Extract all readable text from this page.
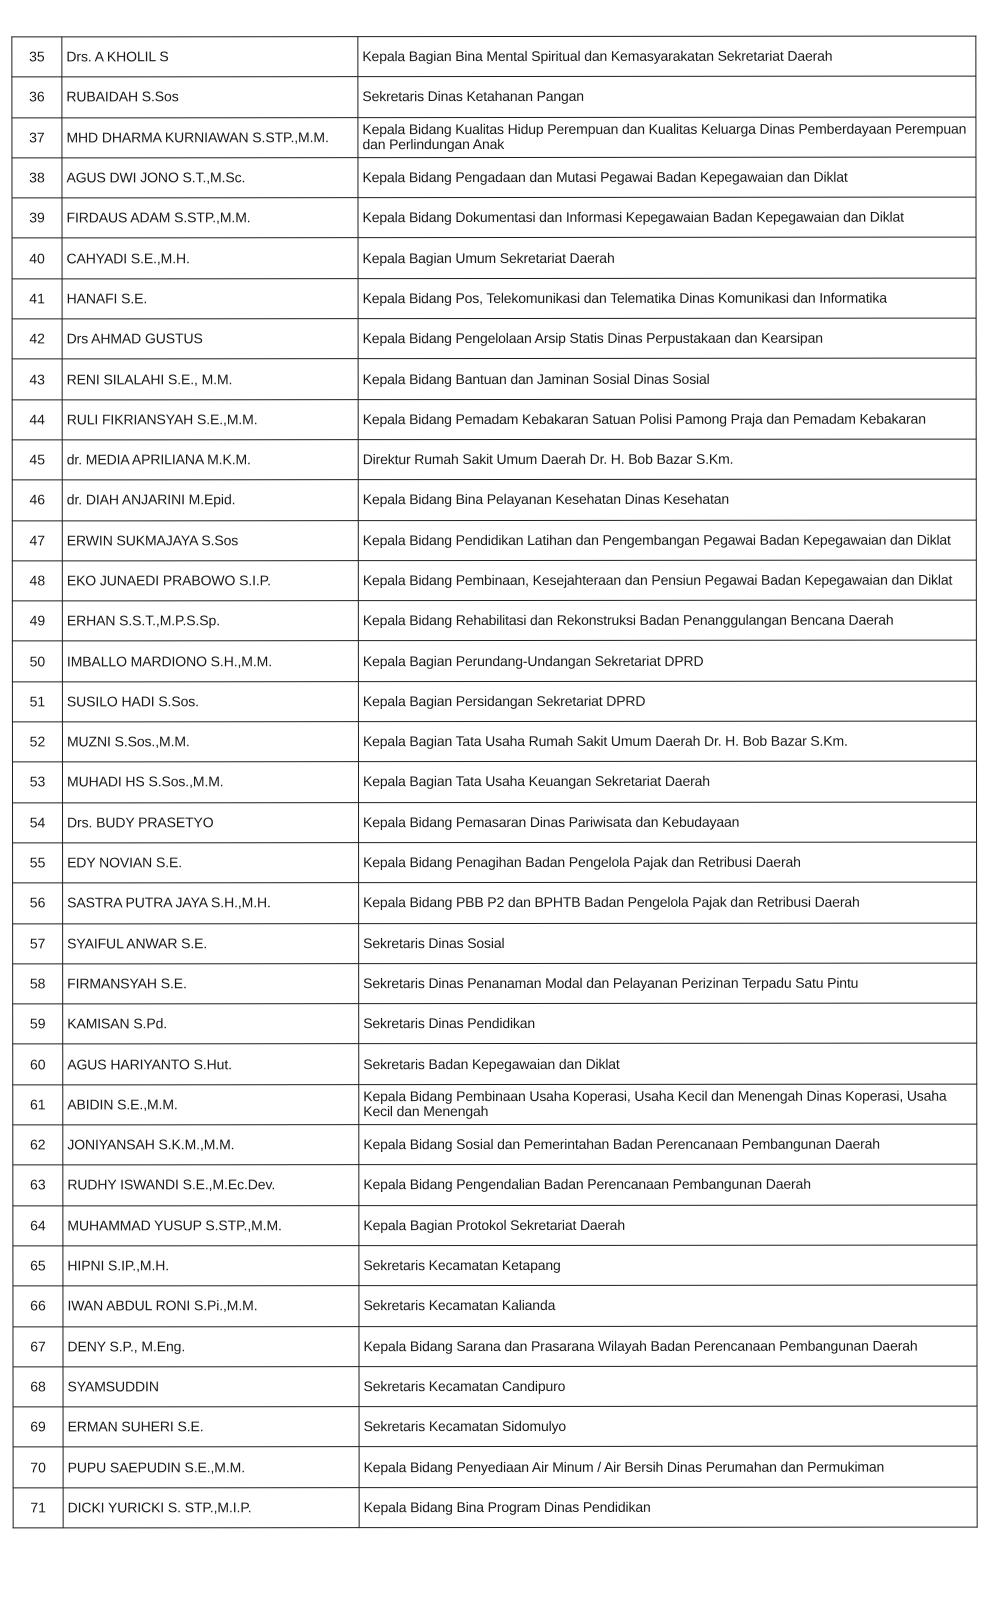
35	Drs. A KHOLIL S	Kepala Bagian Bina Mental Spiritual dan Kemasyarakatan Sekretariat Daerah
36	RUBAIDAH S.Sos	Sekretaris Dinas Ketahanan Pangan
37	MHD DHARMA KURNIAWAN S.STP.,M.M.	Kepala Bidang Kualitas Hidup Perempuan dan Kualitas Keluarga Dinas Pemberdayaan Perempuan dan Perlindungan Anak
38	AGUS DWI JONO S.T.,M.Sc.	Kepala Bidang Pengadaan dan Mutasi Pegawai Badan Kepegawaian dan Diklat
39	FIRDAUS ADAM S.STP.,M.M.	Kepala Bidang Dokumentasi dan Informasi Kepegawaian Badan Kepegawaian dan Diklat
40	CAHYADI S.E.,M.H.	Kepala Bagian Umum Sekretariat Daerah
41	HANAFI S.E.	Kepala Bidang Pos, Telekomunikasi dan Telematika Dinas Komunikasi dan Informatika
42	Drs AHMAD GUSTUS	Kepala Bidang Pengelolaan Arsip Statis Dinas Perpustakaan dan Kearsipan
43	RENI SILALAHI S.E., M.M.	Kepala Bidang Bantuan dan Jaminan Sosial Dinas Sosial
44	RULI FIKRIANSYAH S.E.,M.M.	Kepala Bidang Pemadam Kebakaran Satuan Polisi Pamong Praja dan Pemadam Kebakaran
45	dr. MEDIA APRILIANA M.K.M.	Direktur Rumah Sakit Umum Daerah Dr. H. Bob Bazar S.Km.
46	dr. DIAH ANJARINI M.Epid.	Kepala Bidang Bina Pelayanan Kesehatan Dinas Kesehatan
47	ERWIN SUKMAJAYA S.Sos	Kepala Bidang Pendidikan Latihan dan Pengembangan Pegawai Badan Kepegawaian dan Diklat
48	EKO JUNAEDI PRABOWO S.I.P.	Kepala Bidang Pembinaan, Kesejahteraan dan Pensiun Pegawai Badan Kepegawaian dan Diklat
49	ERHAN S.S.T.,M.P.S.Sp.	Kepala Bidang Rehabilitasi dan Rekonstruksi Badan Penanggulangan Bencana Daerah
50	IMBALLO MARDIONO S.H.,M.M.	Kepala Bagian Perundang-Undangan Sekretariat DPRD
51	SUSILO HADI S.Sos.	Kepala Bagian Persidangan Sekretariat DPRD
52	MUZNI S.Sos.,M.M.	Kepala Bagian Tata Usaha Rumah Sakit Umum Daerah Dr. H. Bob Bazar S.Km.
53	MUHADI HS S.Sos.,M.M.	Kepala Bagian Tata Usaha Keuangan Sekretariat Daerah
54	Drs. BUDY PRASETYO	Kepala Bidang Pemasaran Dinas Pariwisata dan Kebudayaan
55	EDY NOVIAN S.E.	Kepala Bidang Penagihan Badan Pengelola Pajak dan Retribusi Daerah
56	SASTRA PUTRA JAYA S.H.,M.H.	Kepala Bidang PBB P2 dan BPHTB Badan Pengelola Pajak dan Retribusi Daerah
57	SYAIFUL ANWAR S.E.	Sekretaris Dinas Sosial
58	FIRMANSYAH S.E.	Sekretaris Dinas Penanaman Modal dan Pelayanan Perizinan Terpadu Satu Pintu
59	KAMISAN S.Pd.	Sekretaris Dinas Pendidikan
60	AGUS HARIYANTO S.Hut.	Sekretaris Badan Kepegawaian dan Diklat
61	ABIDIN S.E.,M.M.	Kepala Bidang Pembinaan Usaha Koperasi, Usaha Kecil dan Menengah Dinas Koperasi, Usaha Kecil dan Menengah
62	JONIYANSAH S.K.M.,M.M.	Kepala Bidang Sosial dan Pemerintahan Badan Perencanaan Pembangunan Daerah
63	RUDHY ISWANDI S.E.,M.Ec.Dev.	Kepala Bidang Pengendalian Badan Perencanaan Pembangunan Daerah
64	MUHAMMAD YUSUP S.STP.,M.M.	Kepala Bagian Protokol Sekretariat Daerah
65	HIPNI S.IP.,M.H.	Sekretaris Kecamatan Ketapang
66	IWAN ABDUL RONI S.Pi.,M.M.	Sekretaris Kecamatan Kalianda
67	DENY S.P., M.Eng.	Kepala Bidang Sarana dan Prasarana Wilayah Badan Perencanaan Pembangunan Daerah
68	SYAMSUDDIN	Sekretaris Kecamatan Candipuro
69	ERMAN SUHERI S.E.	Sekretaris Kecamatan Sidomulyo
70	PUPU SAEPUDIN S.E.,M.M.	Kepala Bidang Penyediaan Air Minum / Air Bersih Dinas Perumahan dan Permukiman
71	DICKI YURICKI S. STP.,M.I.P.	Kepala Bidang Bina Program Dinas Pendidikan
